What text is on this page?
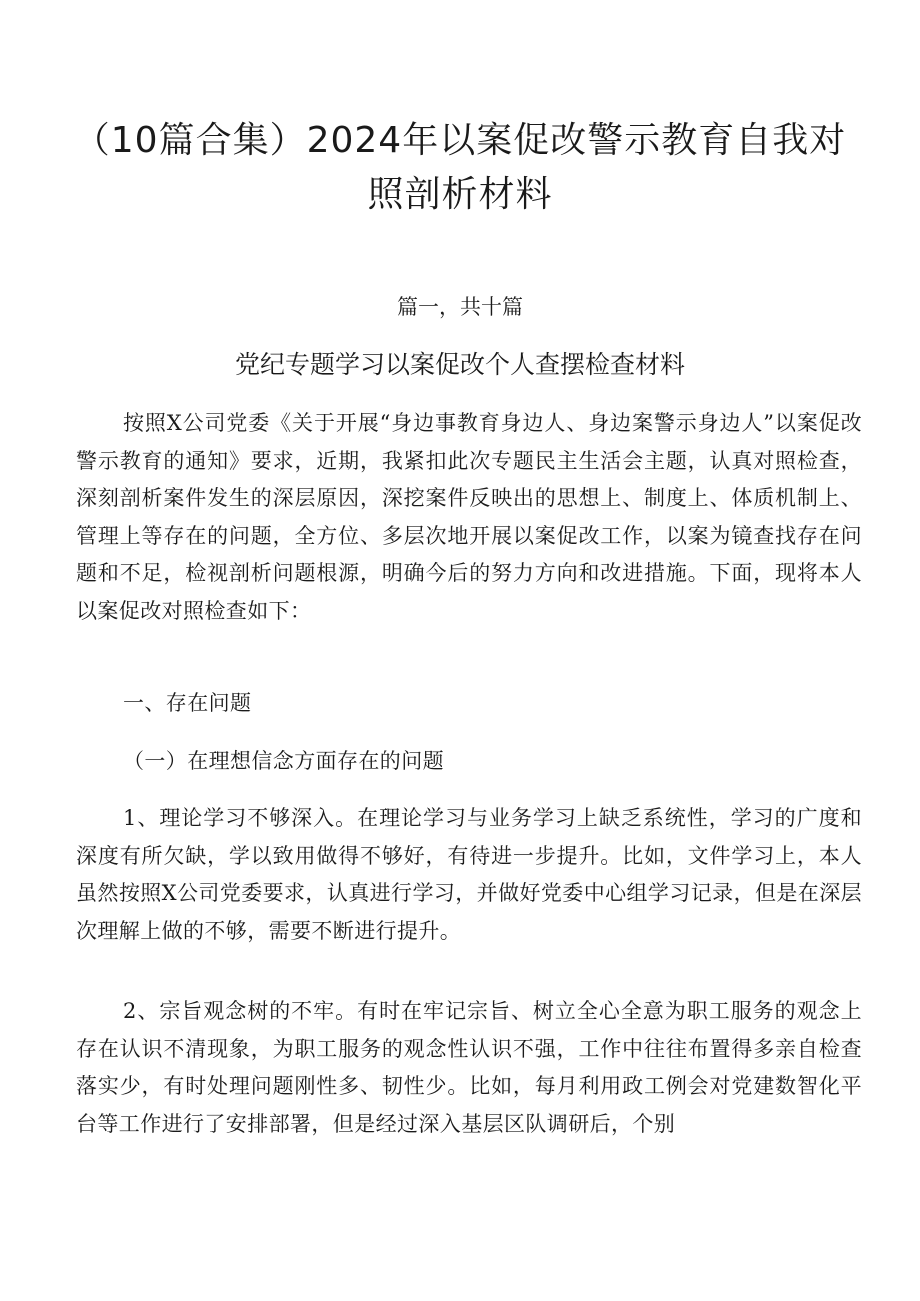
（10篇合集）2024年以案促改警示教育自我对照剖析材料

篇一，共十篇

党纪专题学习以案促改个人查摆检查材料

按照X公司党委《关于开展“身边事教育身边人、身边案警示身边人”以案促改警示教育的通知》要求，近期，我紧扣此次专题民主生活会主题，认真对照检查，深刻剖析案件发生的深层原因，深挖案件反映出的思想上、制度上、体质机制上、管理上等存在的问题，全方位、多层次地开展以案促改工作，以案为镜查找存在问题和不足，检视剖析问题根源，明确今后的努力方向和改进措施。下面，现将本人以案促改对照检查如下：

一、存在问题

（一）在理想信念方面存在的问题

1、理论学习不够深入。在理论学习与业务学习上缺乏系统性，学习的广度和深度有所欠缺，学以致用做得不够好，有待进一步提升。比如，文件学习上，本人虽然按照X公司党委要求，认真进行学习，并做好党委中心组学习记录，但是在深层次理解上做的不够，需要不断进行提升。

2、宗旨观念树的不牢。有时在牢记宗旨、树立全心全意为职工服务的观念上存在认识不清现象，为职工服务的观念性认识不强，工作中往往布置得多亲自检查落实少，有时处理问题刚性多、韧性少。比如，每月利用政工例会对党建数智化平台等工作进行了安排部署，但是经过深入基层区队调研后，个别
